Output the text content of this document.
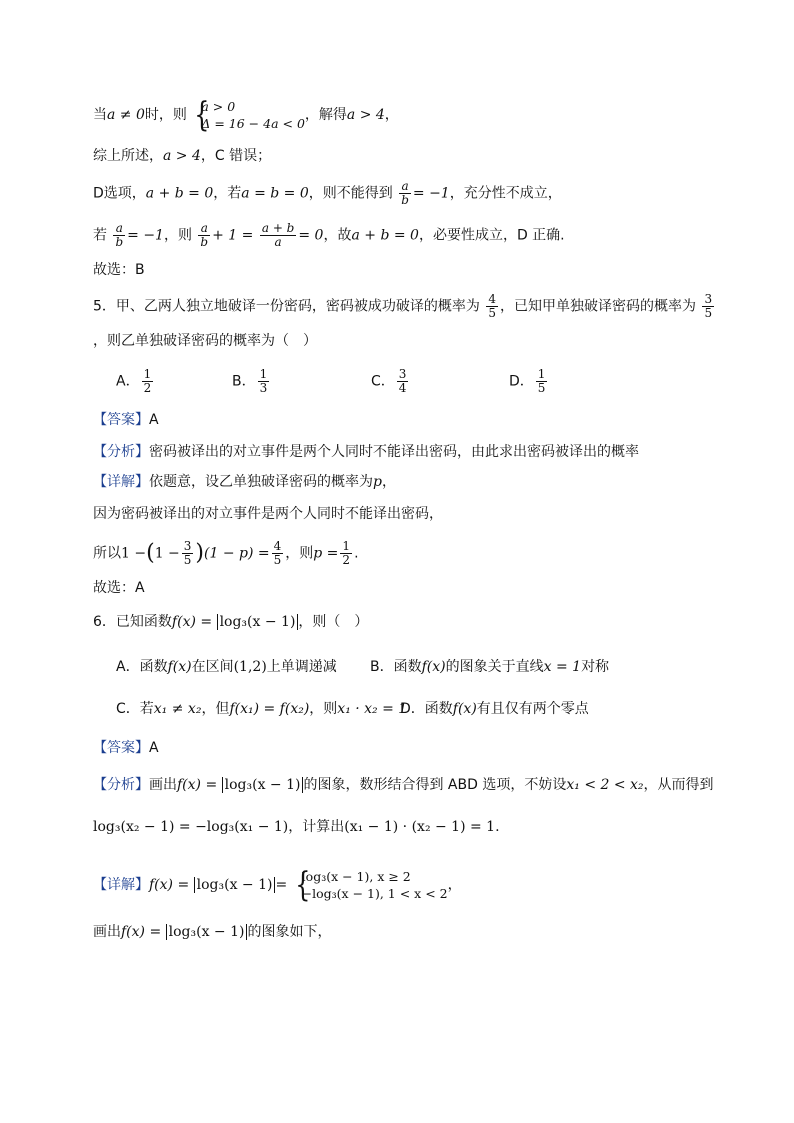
当a ≠ 0时，则 {
a > 0
Δ = 16 − 4a < 0
，解得a > 4，
综上所述，a > 4，C 错误；
D选项，a + b = 0，若a = b = 0，则不能得到 $\frac{a}{b} = -1$，充分性不成立，
若 $\frac{a}{b} = -1$，则 $\frac{a}{b} + 1 = \frac{a + b}{a} = 0$，故a + b = 0，必要性成立，D 正确.
故选：B
5．甲、乙两人独立地破译一份密码，密码被成功破译的概率为 $\frac{4}{5}$ ，已知甲单独破译密码的概率为 $\frac{3}{5}$
，则乙单独破译密码的概率为（　）
A． $\frac{1}{2}$	B． $\frac{1}{3}$	C． $\frac{3}{4}$	D． $\frac{1}{5}$
【答案】A
【分析】密码被译出的对立事件是两个人同时不能译出密码，由此求出密码被译出的概率
【详解】依题意，设乙单独破译密码的概率为p，
因为密码被译出的对立事件是两个人同时不能译出密码，
所以$1 -(1 - \frac{3}{5} )(1 - p) = \frac{4}{5}$ ，则$p = \frac{1}{2}$ .
故选：A
6．已知函数f(x) = log₃(x − 1) ，则（　）
A．函数f(x)在区间(1,2)上单调递减 B．函数f(x)的图象关于直线x = 1对称
C．若x₁ ≠ x₂，但f(x₁) = f(x₂)，则x₁ · x₂ = 1
D．函数f(x)有且仅有两个零点
【答案】A
【分析】画出f(x) = log₃(x − 1) 的图象，数形结合得到 ABD 选项，不妨设x₁ < 2 < x₂，从而得到
log₃(x₂ − 1) = −log₃(x₁ − 1)，计算出(x₁ − 1) · (x₂ − 1) = 1.
【详解】f(x) = log₃(x − 1) = {
log₃(x − 1), x ≥ 2
−log₃(x − 1), 1 < x < 2
，
画出f(x) = log₃(x − 1) 的图象如下，
